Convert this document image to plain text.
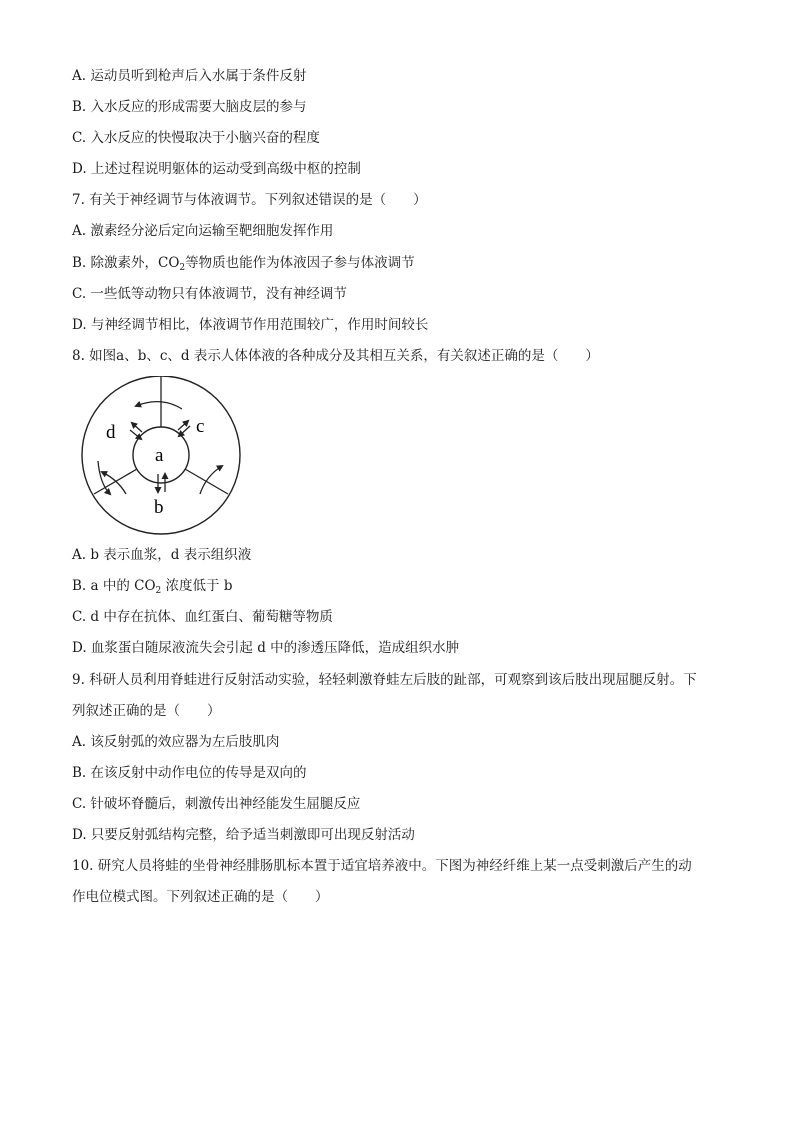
A. 运动员听到枪声后入水属于条件反射
B. 入水反应的形成需要大脑皮层的参与
C. 入水反应的快慢取决于小脑兴奋的程度
D. 上述过程说明躯体的运动受到高级中枢的控制
7. 有关于神经调节与体液调节。下列叙述错误的是（　　）
A. 激素经分泌后定向运输至靶细胞发挥作用
B. 除激素外，$CO_2$等物质也能作为体液因子参与体液调节
C. 一些低等动物只有体液调节，没有神经调节
D. 与神经调节相比，体液调节作用范围较广，作用时间较长
8. 如图a、b、c、d 表示人体体液的各种成分及其相互关系，有关叙述正确的是（　　）
a
b
c
d
A. b 表示血浆，d 表示组织液
B. a 中的 $CO_2$ 浓度低于 b
C. d 中存在抗体、血红蛋白、葡萄糖等物质
D. 血浆蛋白随尿液流失会引起 d 中的渗透压降低，造成组织水肿
9. 科研人员利用脊蛙进行反射活动实验，轻轻刺激脊蛙左后肢的趾部，可观察到该后肢出现屈腿反射。下
列叙述正确的是（　　）
A. 该反射弧的效应器为左后肢肌肉
B. 在该反射中动作电位的传导是双向的
C. 针破坏脊髓后，刺激传出神经能发生屈腿反应
D. 只要反射弧结构完整，给予适当刺激即可出现反射活动
10. 研究人员将蛙的坐骨神经腓肠肌标本置于适宜培养液中。下图为神经纤维上某一点受刺激后产生的动
作电位模式图。下列叙述正确的是（　　）
